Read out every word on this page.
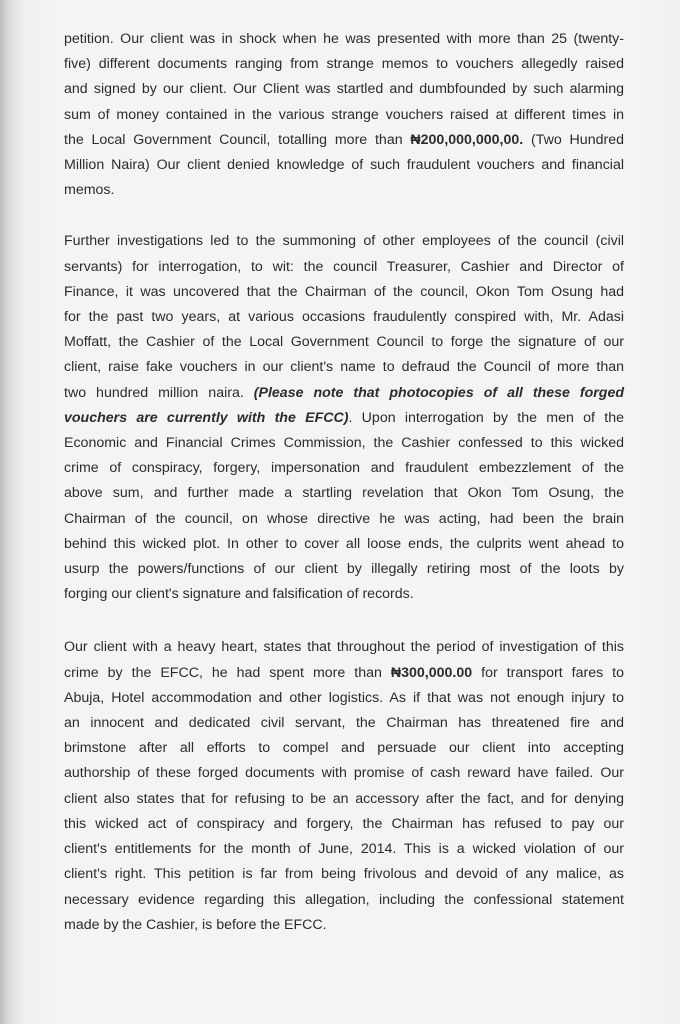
petition. Our client was in shock when he was presented with more than 25 (twenty-
five) different documents ranging from strange memos to vouchers allegedly raised
and signed by our client. Our Client was startled and dumbfounded by such alarming
sum of money contained in the various strange vouchers raised at different times in
the Local Government Council, totalling more than ₦200,000,000,00. (Two Hundred
Million Naira) Our client denied knowledge of such fraudulent vouchers and financial
memos.
Further investigations led to the summoning of other employees of the council (civil
servants) for interrogation, to wit: the council Treasurer, Cashier and Director of
Finance, it was uncovered that the Chairman of the council, Okon Tom Osung had
for the past two years, at various occasions fraudulently conspired with, Mr. Adasi
Moffatt, the Cashier of the Local Government Council to forge the signature of our
client, raise fake vouchers in our client's name to defraud the Council of more than
two hundred million naira. (Please note that photocopies of all these forged
vouchers are currently with the EFCC). Upon interrogation by the men of the
Economic and Financial Crimes Commission, the Cashier confessed to this wicked
crime of conspiracy, forgery, impersonation and fraudulent embezzlement of the
above sum, and further made a startling revelation that Okon Tom Osung, the
Chairman of the council, on whose directive he was acting, had been the brain
behind this wicked plot. In other to cover all loose ends, the culprits went ahead to
usurp the powers/functions of our client by illegally retiring most of the loots by
forging our client's signature and falsification of records.
Our client with a heavy heart, states that throughout the period of investigation of this
crime by the EFCC, he had spent more than ₦300,000.00 for transport fares to
Abuja, Hotel accommodation and other logistics. As if that was not enough injury to
an innocent and dedicated civil servant, the Chairman has threatened fire and
brimstone after all efforts to compel and persuade our client into accepting
authorship of these forged documents with promise of cash reward have failed. Our
client also states that for refusing to be an accessory after the fact, and for denying
this wicked act of conspiracy and forgery, the Chairman has refused to pay our
client's entitlements for the month of June, 2014. This is a wicked violation of our
client's right. This petition is far from being frivolous and devoid of any malice, as
necessary evidence regarding this allegation, including the confessional statement
made by the Cashier, is before the EFCC.
